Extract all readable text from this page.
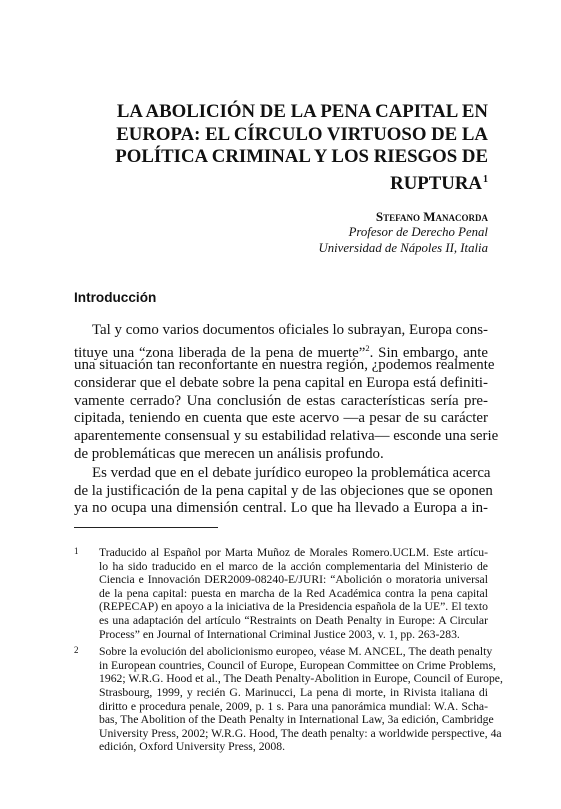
LA ABOLICIÓN DE LA PENA CAPITAL EN
EUROPA: EL CÍRCULO VIRTUOSO DE LA
POLÍTICA CRIMINAL Y LOS RIESGOS DE
RUPTURA$^1$
Stefano Manacorda
Profesor de Derecho Penal
Universidad de Nápoles II, Italia
Introducción
Tal y como varios documentos oficiales lo subrayan, Europa cons-
tituye una “zona liberada de la pena de muerte”$^2$. Sin embargo, ante
una situación tan reconfortante en nuestra región, ¿podemos realmente
considerar que el debate sobre la pena capital en Europa está definiti-
vamente cerrado? Una conclusión de estas características sería pre-
cipitada, teniendo en cuenta que este acervo —a pesar de su carácter
aparentemente consensual y su estabilidad relativa— esconde una serie
de problemáticas que merecen un análisis profundo.
Es verdad que en el debate jurídico europeo la problemática acerca
de la justificación de la pena capital y de las objeciones que se oponen
ya no ocupa una dimensión central. Lo que ha llevado a Europa a in-
1 Traducido al Español por Marta Muñoz de Morales Romero.UCLM. Este artícu-
lo ha sido traducido en el marco de la acción complementaria del Ministerio de
Ciencia e Innovación DER2009-08240-E/JURI: “Abolición o moratoria universal
de la pena capital: puesta en marcha de la Red Académica contra la pena capital
(REPECAP) en apoyo a la iniciativa de la Presidencia española de la UE”. El texto
es una adaptación del artículo “Restraints on Death Penalty in Europe: A Circular
Process” en Journal of International Criminal Justice 2003, v. 1, pp. 263-283.
2 Sobre la evolución del abolicionismo europeo, véase M. ANCEL, The death penalty
in European countries, Council of Europe, European Committee on Crime Problems,
1962; W.R.G. Hood et al., The Death Penalty-Abolition in Europe, Council of Europe,
Strasbourg, 1999, y recién G. Marinucci, La pena di morte, in Rivista italiana di
diritto e procedura penale, 2009, p. 1 s. Para una panorámica mundial: W.A. Scha-
bas, The Abolition of the Death Penalty in International Law, 3a edición, Cambridge
University Press, 2002; W.R.G. Hood, The death penalty: a worldwide perspective, 4a
edición, Oxford University Press, 2008.
